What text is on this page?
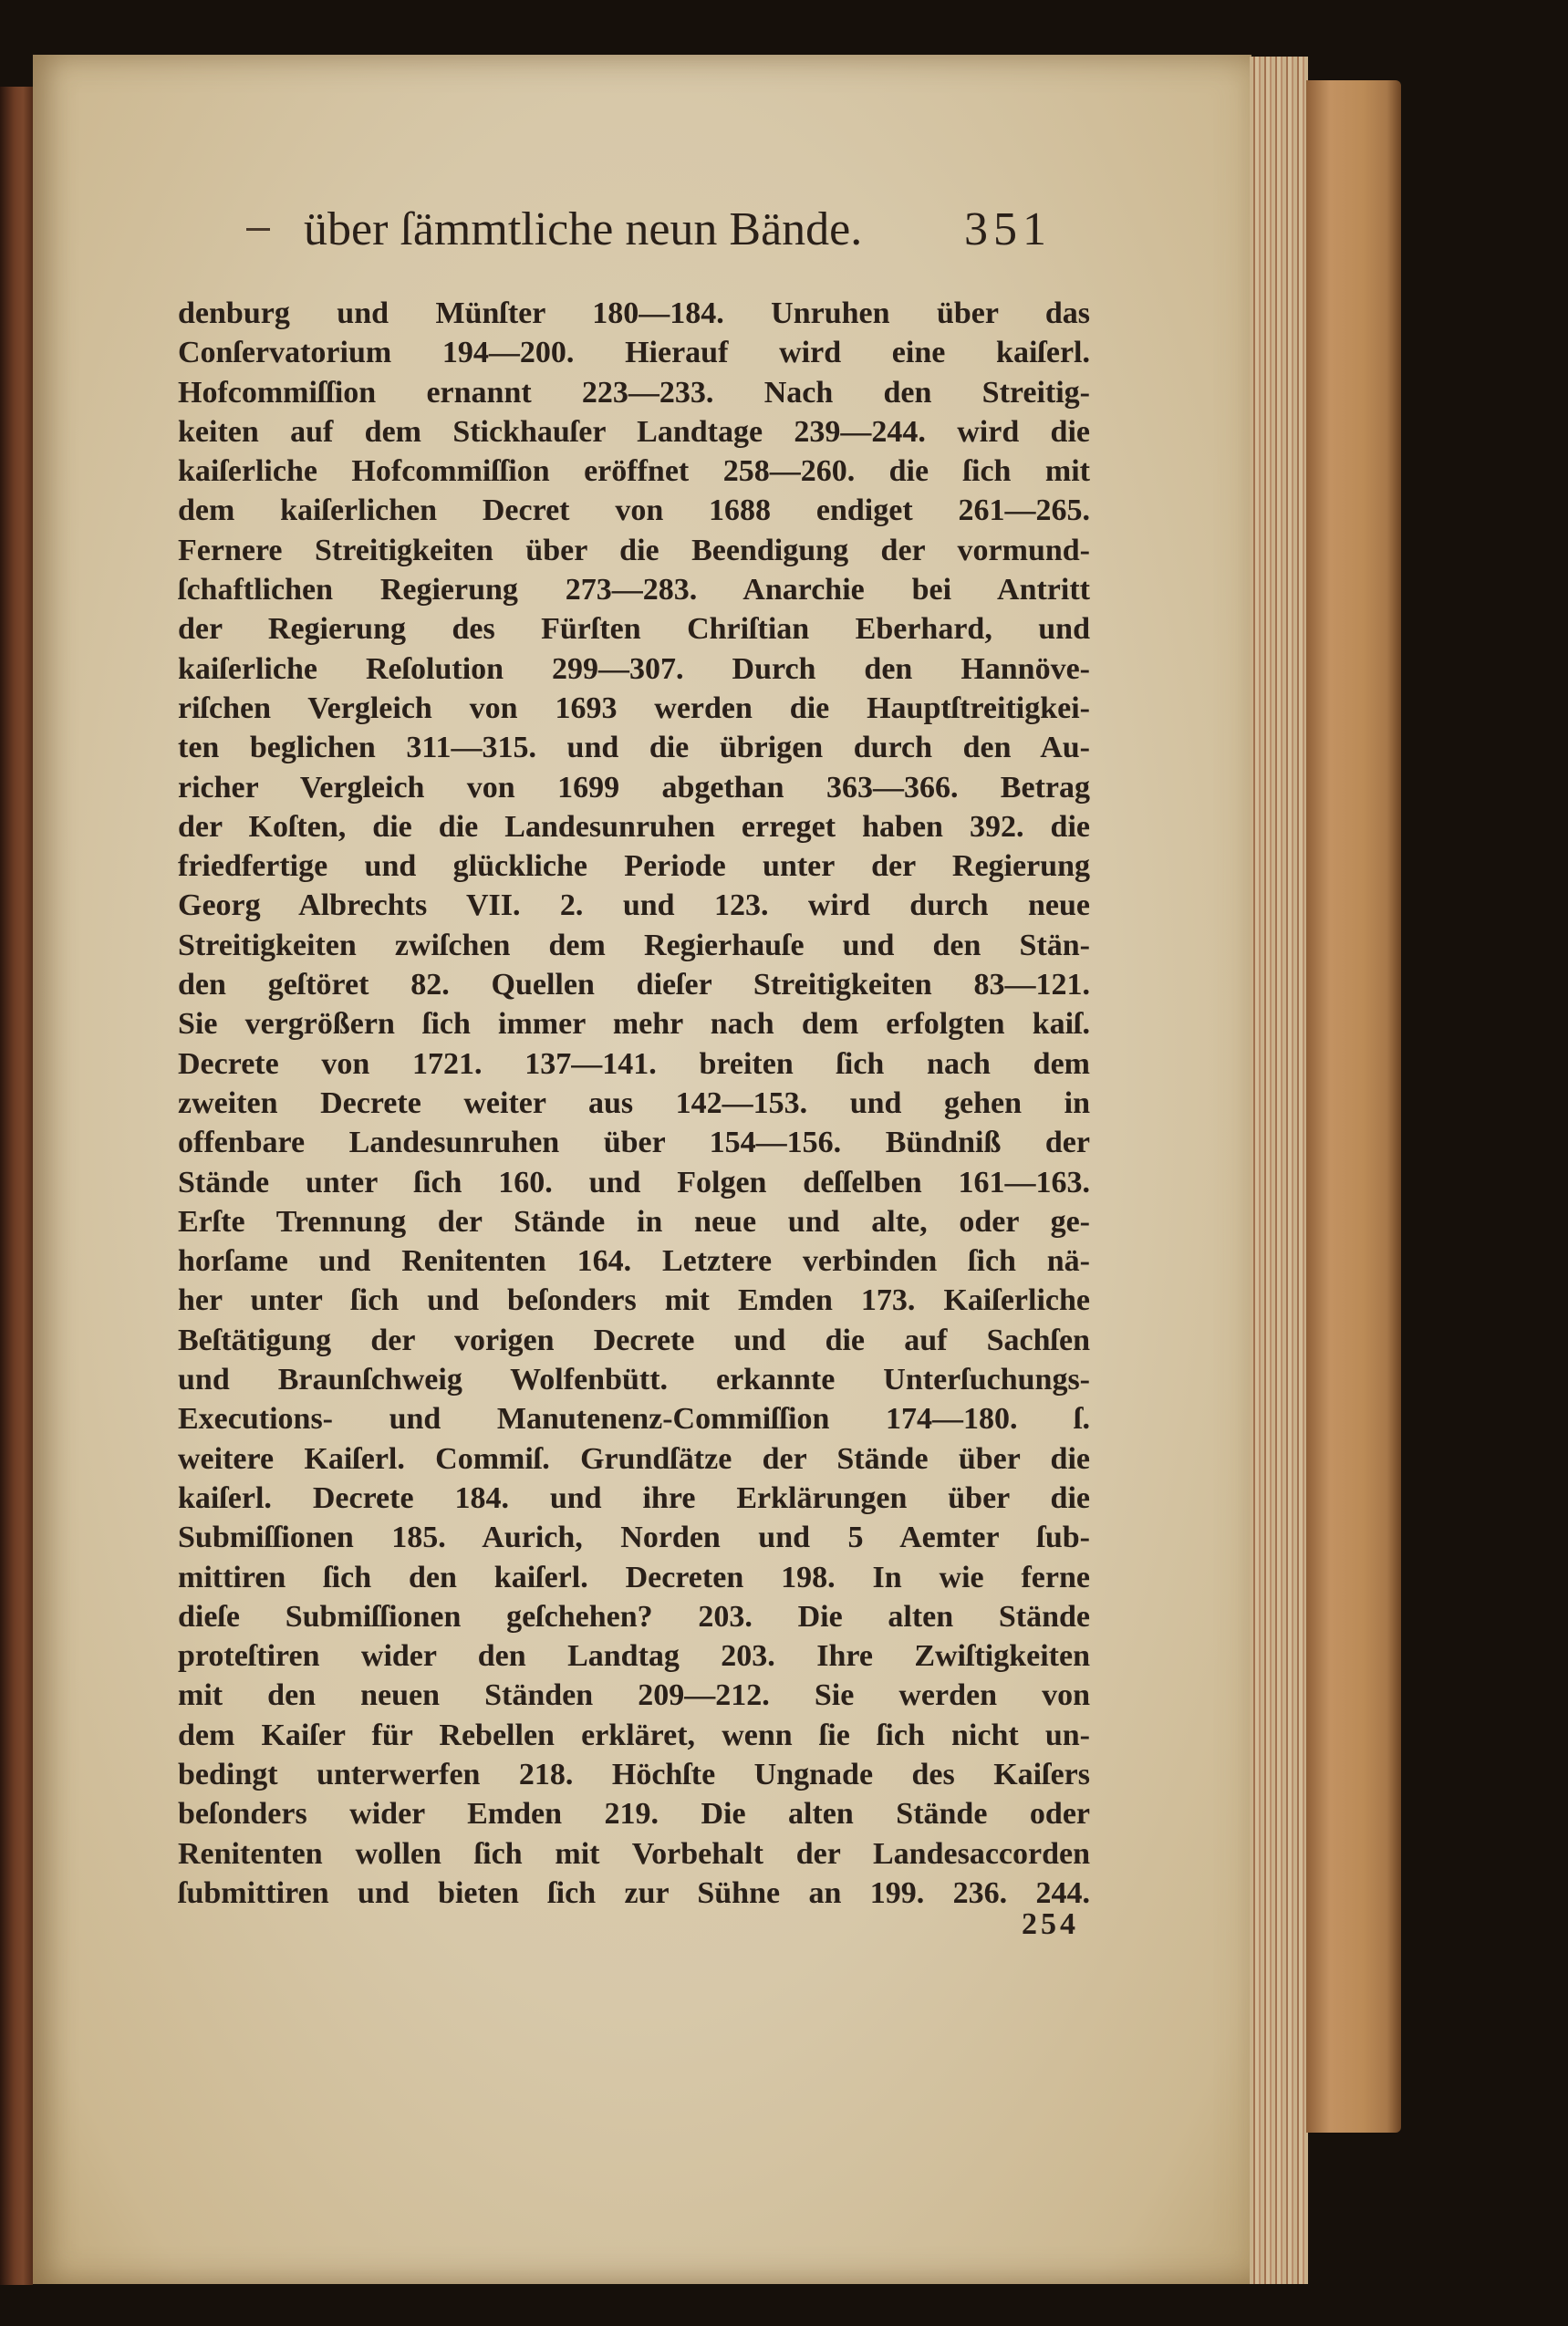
über ſämmtliche neun Bände. 351
denburg und Münſter 180—184. Unruhen über das
Conſervatorium 194—200. Hierauf wird eine kaiſerl.
Hofcommiſſion ernannt 223—233. Nach den Streitig-
keiten auf dem Stickhauſer Landtage 239—244. wird die
kaiſerliche Hofcommiſſion eröffnet 258—260. die ſich mit
dem kaiſerlichen Decret von 1688 endiget 261—265.
Fernere Streitigkeiten über die Beendigung der vormund-
ſchaftlichen Regierung 273—283. Anarchie bei Antritt
der Regierung des Fürſten Chriſtian Eberhard, und
kaiſerliche Reſolution 299—307. Durch den Hannöve-
riſchen Vergleich von 1693 werden die Hauptſtreitigkei-
ten beglichen 311—315. und die übrigen durch den Au-
richer Vergleich von 1699 abgethan 363—366. Betrag
der Koſten, die die Landesunruhen erreget haben 392. die
friedfertige und glückliche Periode unter der Regierung
Georg Albrechts VII. 2. und 123. wird durch neue
Streitigkeiten zwiſchen dem Regierhauſe und den Stän-
den geſtöret 82. Quellen dieſer Streitigkeiten 83—121.
Sie vergrößern ſich immer mehr nach dem erfolgten kaiſ.
Decrete von 1721. 137—141. breiten ſich nach dem
zweiten Decrete weiter aus 142—153. und gehen in
offenbare Landesunruhen über 154—156. Bündniß der
Stände unter ſich 160. und Folgen deſſelben 161—163.
Erſte Trennung der Stände in neue und alte, oder ge-
horſame und Renitenten 164. Letztere verbinden ſich nä-
her unter ſich und beſonders mit Emden 173. Kaiſerliche
Beſtätigung der vorigen Decrete und die auf Sachſen
und Braunſchweig Wolfenbütt. erkannte Unterſuchungs-
Executions- und Manutenenz-Commiſſion 174—180. ſ.
weitere Kaiſerl. Commiſ. Grundſätze der Stände über die
kaiſerl. Decrete 184. und ihre Erklärungen über die
Submiſſionen 185. Aurich, Norden und 5 Aemter ſub-
mittiren ſich den kaiſerl. Decreten 198. In wie ferne
dieſe Submiſſionen geſchehen? 203. Die alten Stände
proteſtiren wider den Landtag 203. Ihre Zwiſtigkeiten
mit den neuen Ständen 209—212. Sie werden von
dem Kaiſer für Rebellen erkläret, wenn ſie ſich nicht un-
bedingt unterwerfen 218. Höchſte Ungnade des Kaiſers
beſonders wider Emden 219. Die alten Stände oder
Renitenten wollen ſich mit Vorbehalt der Landesaccorden
ſubmittiren und bieten ſich zur Sühne an 199. 236. 244.
254
